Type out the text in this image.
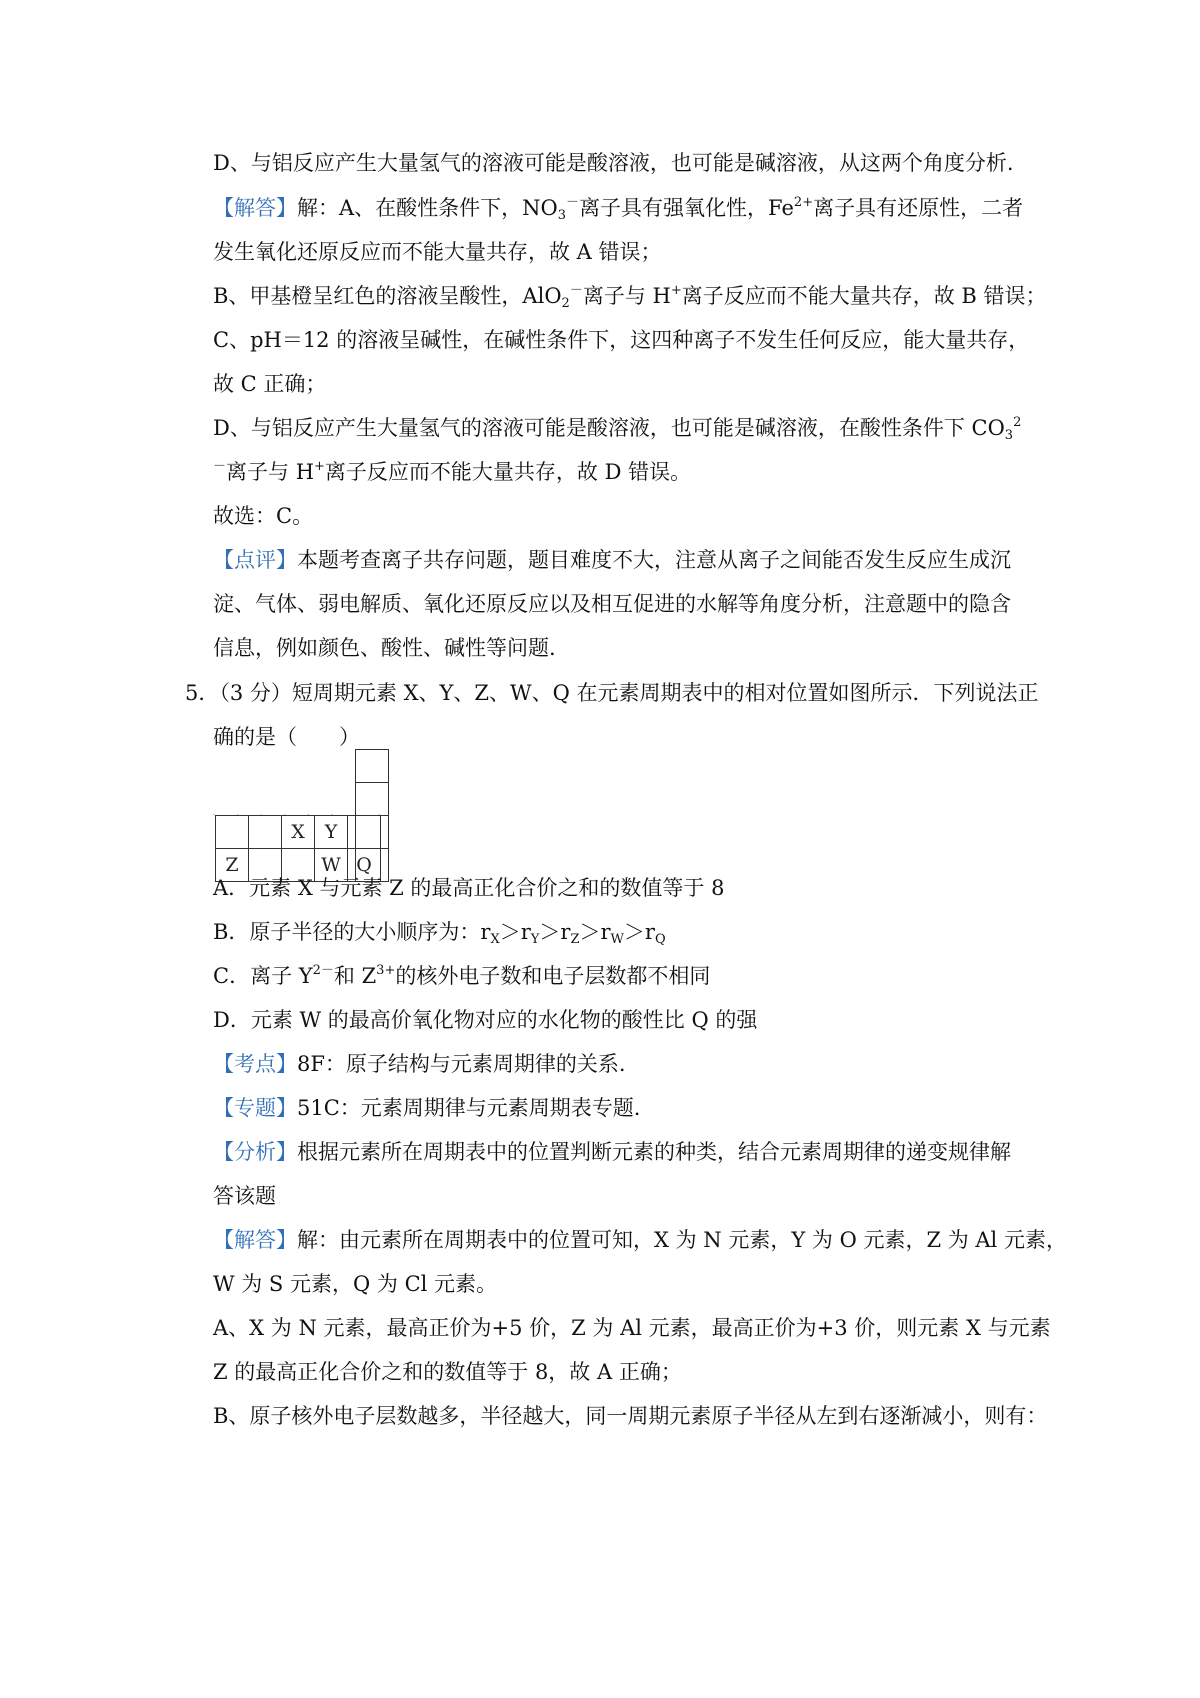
D、与铝反应产生大量氢气的溶液可能是酸溶液，也可能是碱溶液，从这两个角度分析.
【解答】解：A、在酸性条件下，$NO_3^-$离子具有强氧化性，$Fe^{2+}$离子具有还原性，二者
发生氧化还原反应而不能大量共存，故 A 错误；
B、甲基橙呈红色的溶液呈酸性，AlO$_2$－离子与 H+离子反应而不能大量共存，故 B 错误；
C、pH＝12 的溶液呈碱性，在碱性条件下，这四种离子不发生任何反应，能大量共存，
故 C 正确；
D、与铝反应产生大量氢气的溶液可能是酸溶液，也可能是碱溶液，在酸性条件下 $CO_3^2$
－离子与 H+离子反应而不能大量共存，故 D 错误。
故选：C。
【点评】本题考查离子共存问题，题目难度不大，注意从离子之间能否发生反应生成沉
淀、气体、弱电解质、氧化还原反应以及相互促进的水解等角度分析，注意题中的隐含
信息，例如颜色、酸性、碱性等问题.
5．（3 分）短周期元素 X、Y、Z、W、Q 在元素周期表中的相对位置如图所示．下列说法正
确的是（　　）
· · · · · · · ·
X	Y
Z	W Q
A．元素 X 与元素 Z 的最高正化合价之和的数值等于 8
B．原子半径的大小顺序为：$r_X>r_Y>r_Z>r_W>r_Q$
C．离子 $Y^{2-}$和 $Z^{3+}$的核外电子数和电子层数都不相同
D．元素 W 的最高价氧化物对应的水化物的酸性比 Q 的强
【考点】8F：原子结构与元素周期律的关系.
【专题】51C：元素周期律与元素周期表专题.
【分析】根据元素所在周期表中的位置判断元素的种类，结合元素周期律的递变规律解
答该题
【解答】解：由元素所在周期表中的位置可知，X 为 N 元素，Y 为 O 元素，Z 为 Al 元素，
W 为 S 元素，Q 为 Cl 元素。
A、X 为 N 元素，最高正价为+5 价，Z 为 Al 元素，最高正价为+3 价，则元素 X 与元素
Z 的最高正化合价之和的数值等于 8，故 A 正确；
B、原子核外电子层数越多，半径越大，同一周期元素原子半径从左到右逐渐减小，则有：
